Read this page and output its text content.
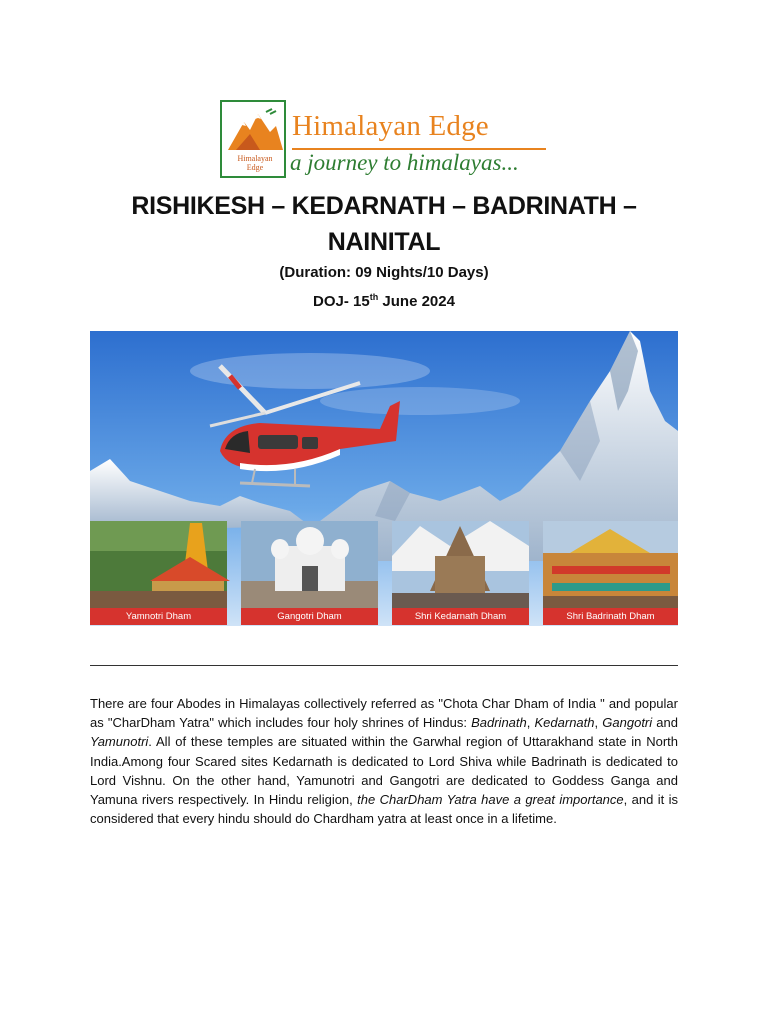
Himalayan
Edge
Himalayan Edge
a journey to himalayas...
RISHIKESH – KEDARNATH – BADRINATH – NAINITAL
(Duration: 09 Nights/10 Days)
DOJ- 15th June 2024
Yamnotri Dham	Gangotri Dham	Shri Kedarnath Dham	Shri Badrinath Dham
There are four Abodes in Himalayas collectively referred as "Chota Char Dham of India " and popular as "CharDham Yatra" which includes four holy shrines of Hindus: Badrinath, Kedarnath, Gangotri and Yamunotri. All of these temples are situated within the Garwhal region of Uttarakhand state in North India.Among four Scared sites Kedarnath is dedicated to Lord Shiva while Badrinath is dedicated to Lord Vishnu. On the other hand, Yamunotri and Gangotri are dedicated to Goddess Ganga and Yamuna rivers respectively. In Hindu religion, the CharDham Yatra have a great importance, and it is considered that every hindu should do Chardham yatra at least once in a lifetime.
